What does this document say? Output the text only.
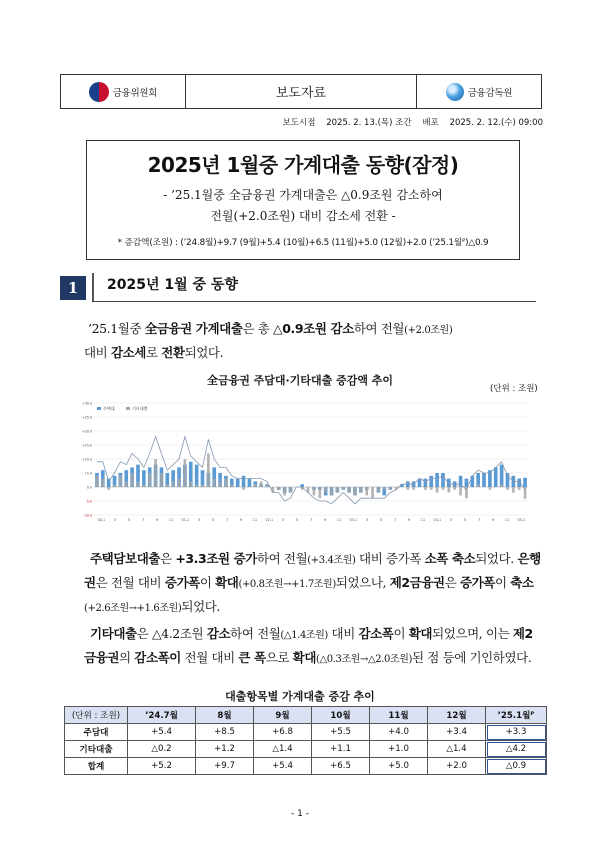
금융위원회	보도자료	금융감독원
보도시점    2025. 2. 13.(목) 조간    배포    2025. 2. 12.(수) 09:00
2025년 1월중 가계대출 동향(잠정)
- ’25.1월중 全금융권 가계대출은 △0.9조원 감소하여
전월(+2.0조원) 대비 감소세 전환 -
* 증감액(조원) : (’24.8월)+9.7 (9월)+5.4 (10월)+6.5 (11월)+5.0 (12월)+2.0 (’25.1월ᴾ)△0.9
1	2025년 1월 중 동향
’25.1월중 全금융권 가계대출은 총 △0.9조원 감소하여 전월(+2.0조원)
대비 감소세로 전환되었다.
全금융권 주담대·기타대출 증감액 추이
(단위 : 조원)
-10.0
-5.0
0.0
+5.0
+10.0
+15.0
+20.0
+25.0
+30.0
'20.1	3	5	7	9	11 '21.1	3	5	7	9	11 '22.1	3	5	7	9	11 '23.1	3	5	7	9	11 '24.1	3	5	7	9	11 '25.1
주택대	기타대출
주택담보대출은 +3.3조원 증가하여 전월(+3.4조원) 대비 증가폭 소폭 축소되었다. 은행권은 전월 대비 증가폭이 확대(+0.8조원→+1.7조원)되었으나, 제2금융권은 증가폭이 축소(+2.6조원→+1.6조원)되었다.
기타대출은 △4.2조원 감소하여 전월(△1.4조원) 대비 감소폭이 확대되었으며, 이는 제2금융권의 감소폭이 전월 대비 큰 폭으로 확대(△0.3조원→△2.0조원)된 점 등에 기인하였다.
대출항목별 가계대출 증감 추이
(단위 : 조원)	’24.7월	8월	9월	10월	11월	12월	’25.1월ᴾ
주담대	+5.4	+8.5	+6.8	+5.5	+4.0	+3.4	+3.3
기타대출	△0.2	+1.2	△1.4	+1.1	+1.0	△1.4	△4.2
합계	+5.2	+9.7	+5.4	+6.5	+5.0	+2.0	△0.9
- 1 -
